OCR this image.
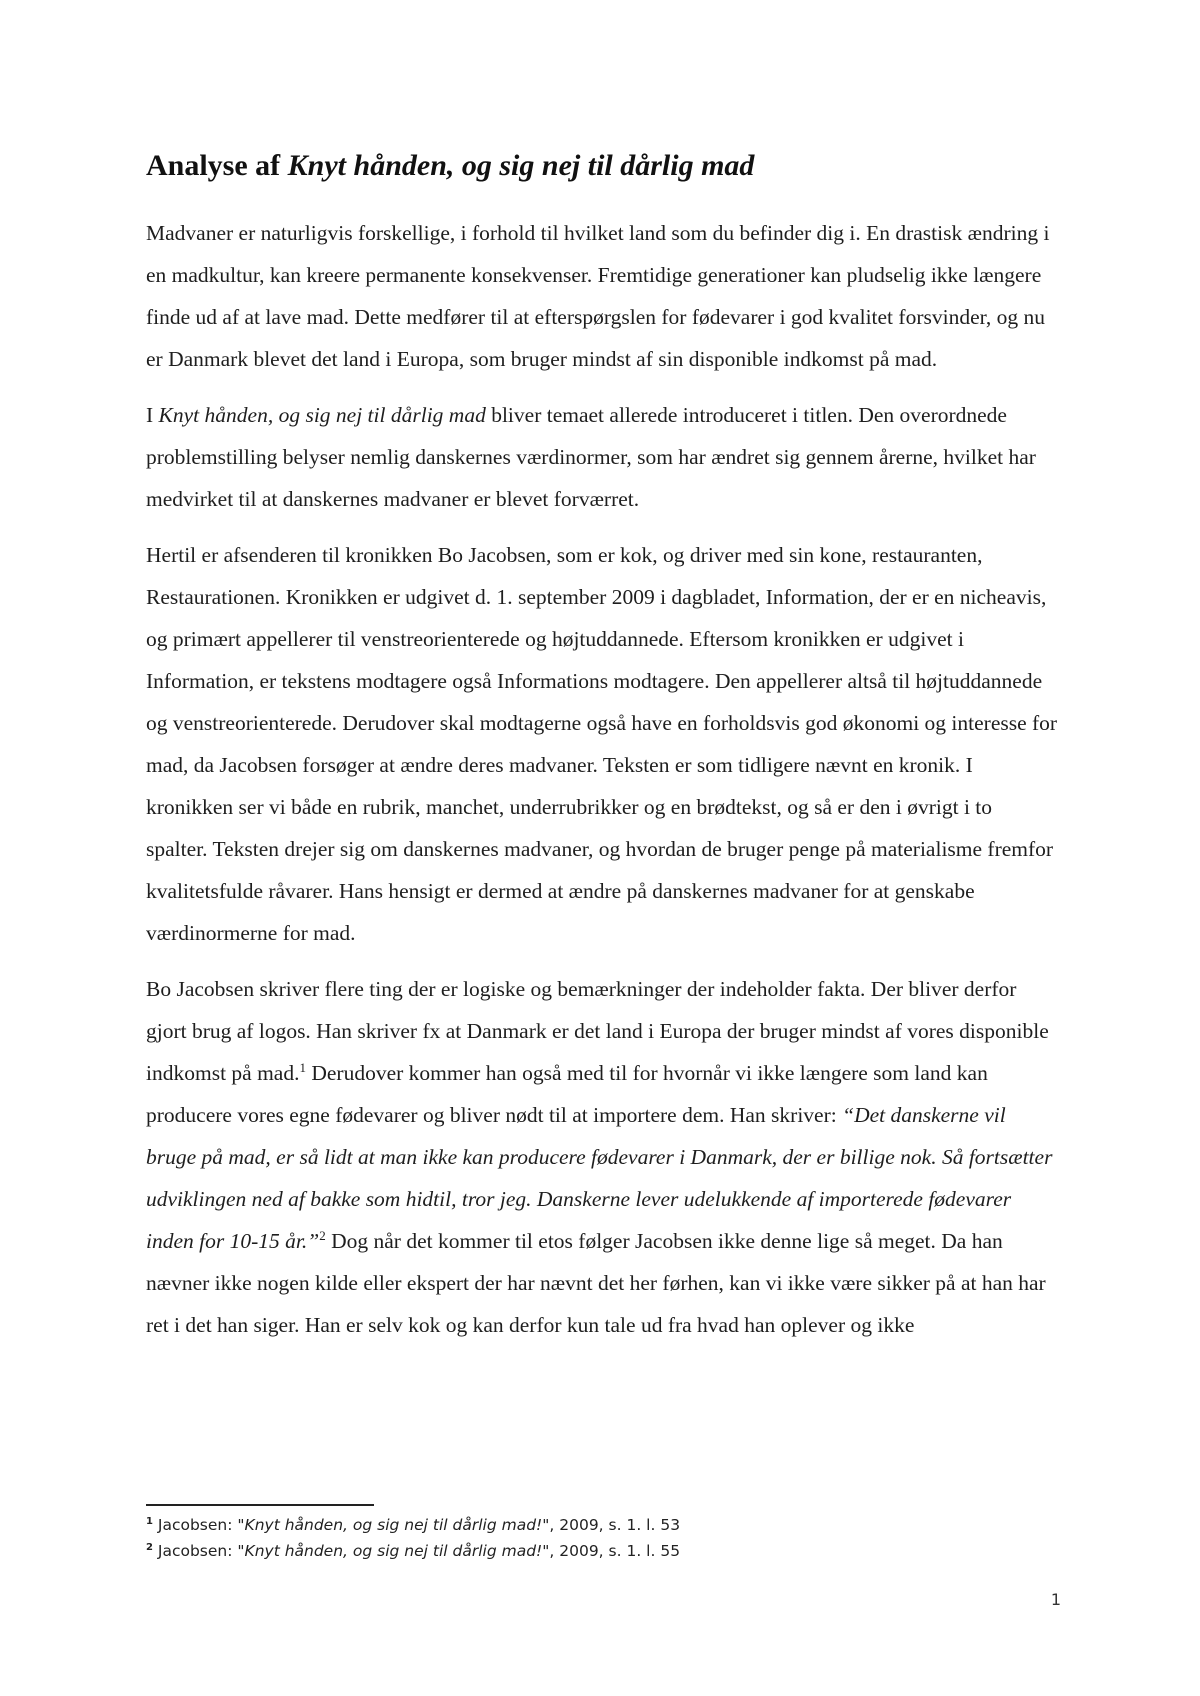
Analyse af Knyt hånden, og sig nej til dårlig mad

Madvaner er naturligvis forskellige, i forhold til hvilket land som du befinder dig i. En drastisk ændring i en madkultur, kan kreere permanente konsekvenser. Fremtidige generationer kan pludselig ikke længere finde ud af at lave mad. Dette medfører til at efterspørgslen for fødevarer i god kvalitet forsvinder, og nu er Danmark blevet det land i Europa, som bruger mindst af sin disponible indkomst på mad.

I Knyt hånden, og sig nej til dårlig mad bliver temaet allerede introduceret i titlen. Den overordnede problemstilling belyser nemlig danskernes værdinormer, som har ændret sig gennem årerne, hvilket har medvirket til at danskernes madvaner er blevet forværret.

Hertil er afsenderen til kronikken Bo Jacobsen, som er kok, og driver med sin kone, restauranten, Restaurationen. Kronikken er udgivet d. 1. september 2009 i dagbladet, Information, der er en nicheavis, og primært appellerer til venstreorienterede og højtuddannede. Eftersom kronikken er udgivet i Information, er tekstens modtagere også Informations modtagere. Den appellerer altså til højtuddannede og venstreorienterede. Derudover skal modtagerne også have en forholdsvis god økonomi og interesse for mad, da Jacobsen forsøger at ændre deres madvaner. Teksten er som tidligere nævnt en kronik. I kronikken ser vi både en rubrik, manchet, underrubrikker og en brødtekst, og så er den i øvrigt i to spalter. Teksten drejer sig om danskernes madvaner, og hvordan de bruger penge på materialisme fremfor kvalitetsfulde råvarer. Hans hensigt er dermed at ændre på danskernes madvaner for at genskabe værdinormerne for mad.

Bo Jacobsen skriver flere ting der er logiske og bemærkninger der indeholder fakta. Der bliver derfor gjort brug af logos. Han skriver fx at Danmark er det land i Europa der bruger mindst af vores disponible indkomst på mad.$^1$ Derudover kommer han også med til for hvornår vi ikke længere som land kan producere vores egne fødevarer og bliver nødt til at importere dem. Han skriver: “Det danskerne vil bruge på mad, er så lidt at man ikke kan producere fødevarer i Danmark, der er billige nok. Så fortsætter udviklingen ned af bakke som hidtil, tror jeg. Danskerne lever udelukkende af importerede fødevarer inden for 10-15 år.”$^2$ Dog når det kommer til etos følger Jacobsen ikke denne lige så meget. Da han nævner ikke nogen kilde eller ekspert der har nævnt det her førhen, kan vi ikke være sikker på at han har ret i det han siger. Han er selv kok og kan derfor kun tale ud fra hvad han oplever og ikke

$^1$ Jacobsen: "Knyt hånden, og sig nej til dårlig mad!", 2009, s. 1. l. 53

$^2$ Jacobsen: "Knyt hånden, og sig nej til dårlig mad!", 2009, s. 1. l. 55

1
